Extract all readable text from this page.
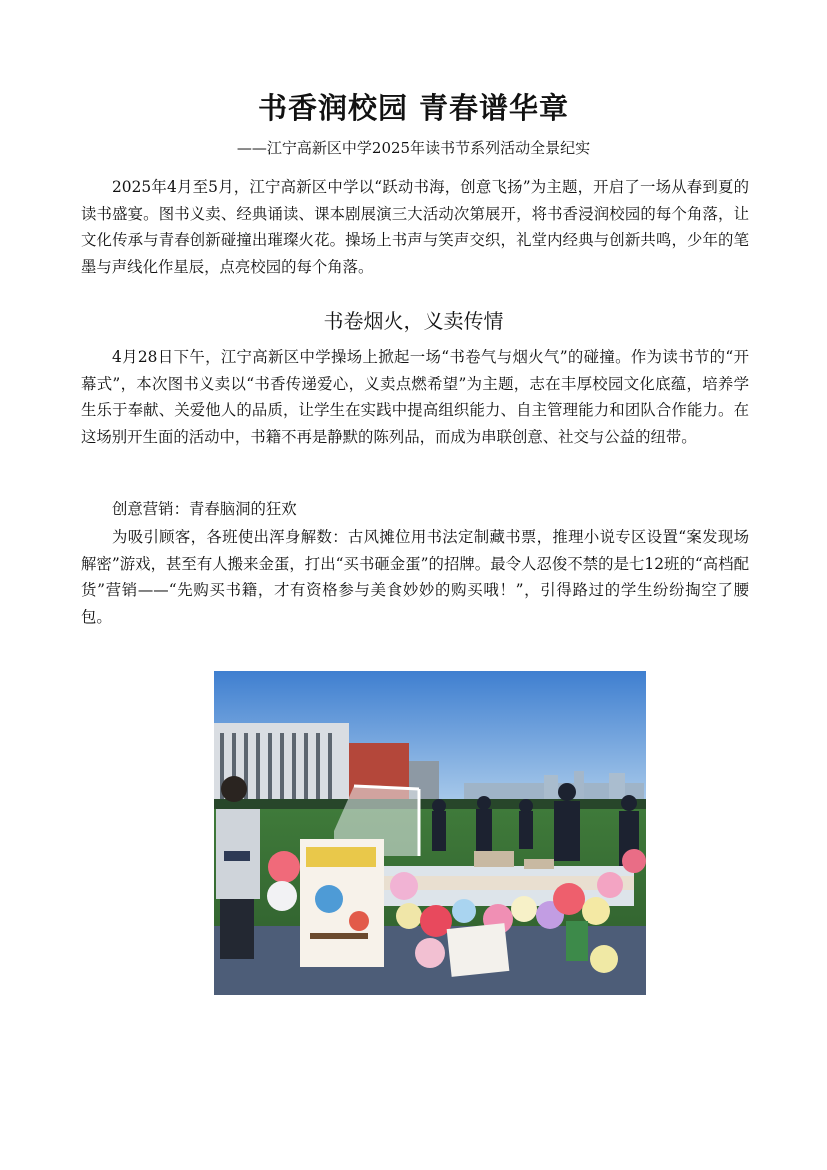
书香润校园 青春谱华章
——江宁高新区中学2025年读书节系列活动全景纪实

2025年4月至5月，江宁高新区中学以“跃动书海，创意飞扬”为主题，开启了一场从春到夏的读书盛宴。图书义卖、经典诵读、课本剧展演三大活动次第展开，将书香浸润校园的每个角落，让文化传承与青春创新碰撞出璀璨火花。操场上书声与笑声交织，礼堂内经典与创新共鸣，少年的笔墨与声线化作星辰，点亮校园的每个角落。

书卷烟火，义卖传情

4月28日下午，江宁高新区中学操场上掀起一场“书卷气与烟火气”的碰撞。作为读书节的“开幕式”，本次图书义卖以“书香传递爱心，义卖点燃希望”为主题，志在丰厚校园文化底蕴，培养学生乐于奉献、关爱他人的品质，让学生在实践中提高组织能力、自主管理能力和团队合作能力。在这场别开生面的活动中，书籍不再是静默的陈列品，而成为串联创意、社交与公益的纽带。

创意营销：青春脑洞的狂欢

为吸引顾客，各班使出浑身解数：古风摊位用书法定制藏书票，推理小说专区设置“案发现场解密”游戏，甚至有人搬来金蛋，打出“买书砸金蛋”的招牌。最令人忍俊不禁的是七12班的“高档配货”营销——“先购买书籍，才有资格参与美食妙妙的购买哦！”，引得路过的学生纷纷掏空了腰包。
